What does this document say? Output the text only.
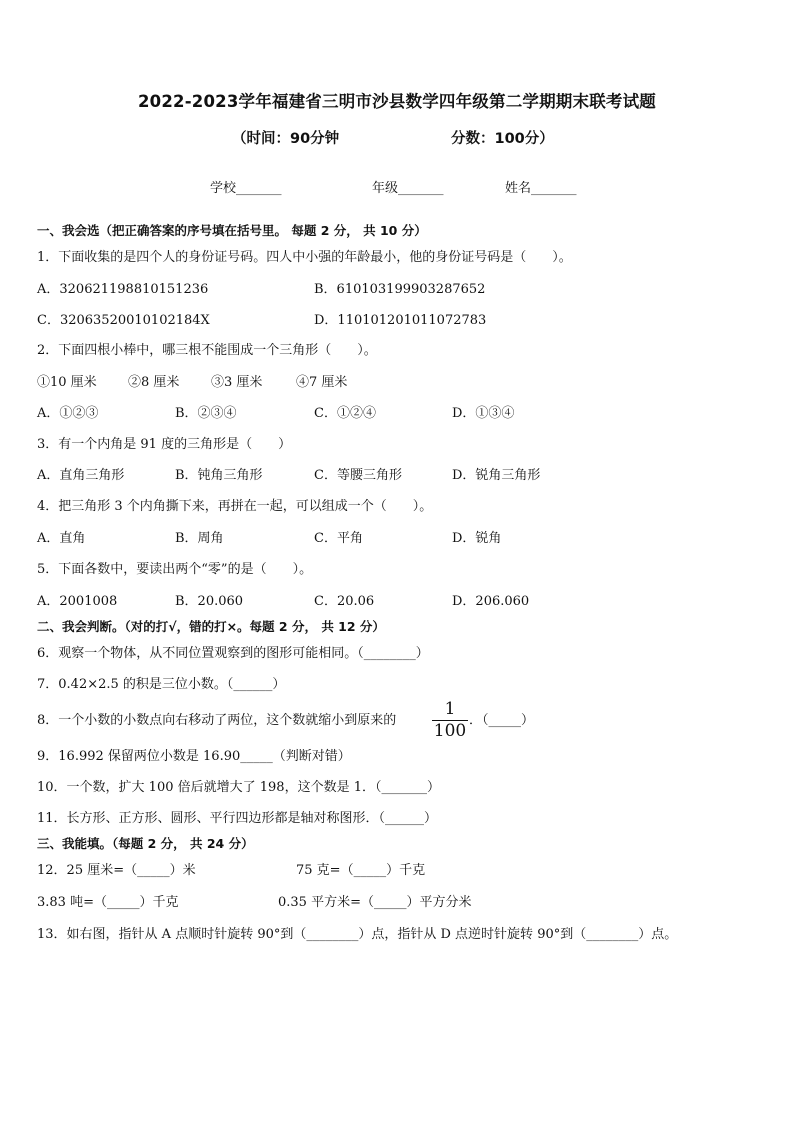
2022-2023学年福建省三明市沙县数学四年级第二学期期末联考试题
（时间：90分钟	分数：100分）
学校_______	年级_______	姓名_______
一、我会选（把正确答案的序号填在括号里。 每题 2 分， 共 10 分）
1．下面收集的是四个人的身份证号码。四人中小强的年龄最小，他的身份证号码是（　　）。
A．320621198810151236	B．610103199903287652
C．32063520010102184X	D．110101201011072783
2．下面四根小棒中，哪三根不能围成一个三角形（　　）。
①10 厘米 ②8 厘米 ③3 厘米	④7 厘米
A．①②③	B．②③④	C．①②④	D．①③④
3．有一个内角是 91 度的三角形是（　　）
A．直角三角形	B．钝角三角形	C．等腰三角形	D．锐角三角形
4．把三角形 3 个内角撕下来，再拼在一起，可以组成一个（　　）。
A．直角	B．周角	C．平角	D．锐角
5．下面各数中，要读出两个“零”的是（　　）。
A．2001008	B．20.060	C．20.06	D．206.060
二、我会判断。（对的打√，错的打×。每题 2 分， 共 12 分）
6．观察一个物体，从不同位置观察到的图形可能相同。（________）
7．0.42×2.5 的积是三位小数。（______）
8．一个小数的小数点向右移动了两位，这个数就缩小到原来的
1
100
．（_____）
9．16.992 保留两位小数是 16.90_____（判断对错）
10．一个数，扩大 100 倍后就增大了 198，这个数是 1．（_______）
11．长方形、正方形、圆形、平行四边形都是轴对称图形．（______）
三、我能填。（每题 2 分， 共 24 分）
12．25 厘米=（_____）米	75 克=（_____）千克
3.83 吨=（_____）千克	0.35 平方米=（_____）平方分米
13．如右图，指针从 A 点顺时针旋转 90°到（________）点，指针从 D 点逆时针旋转 90°到（________）点。
